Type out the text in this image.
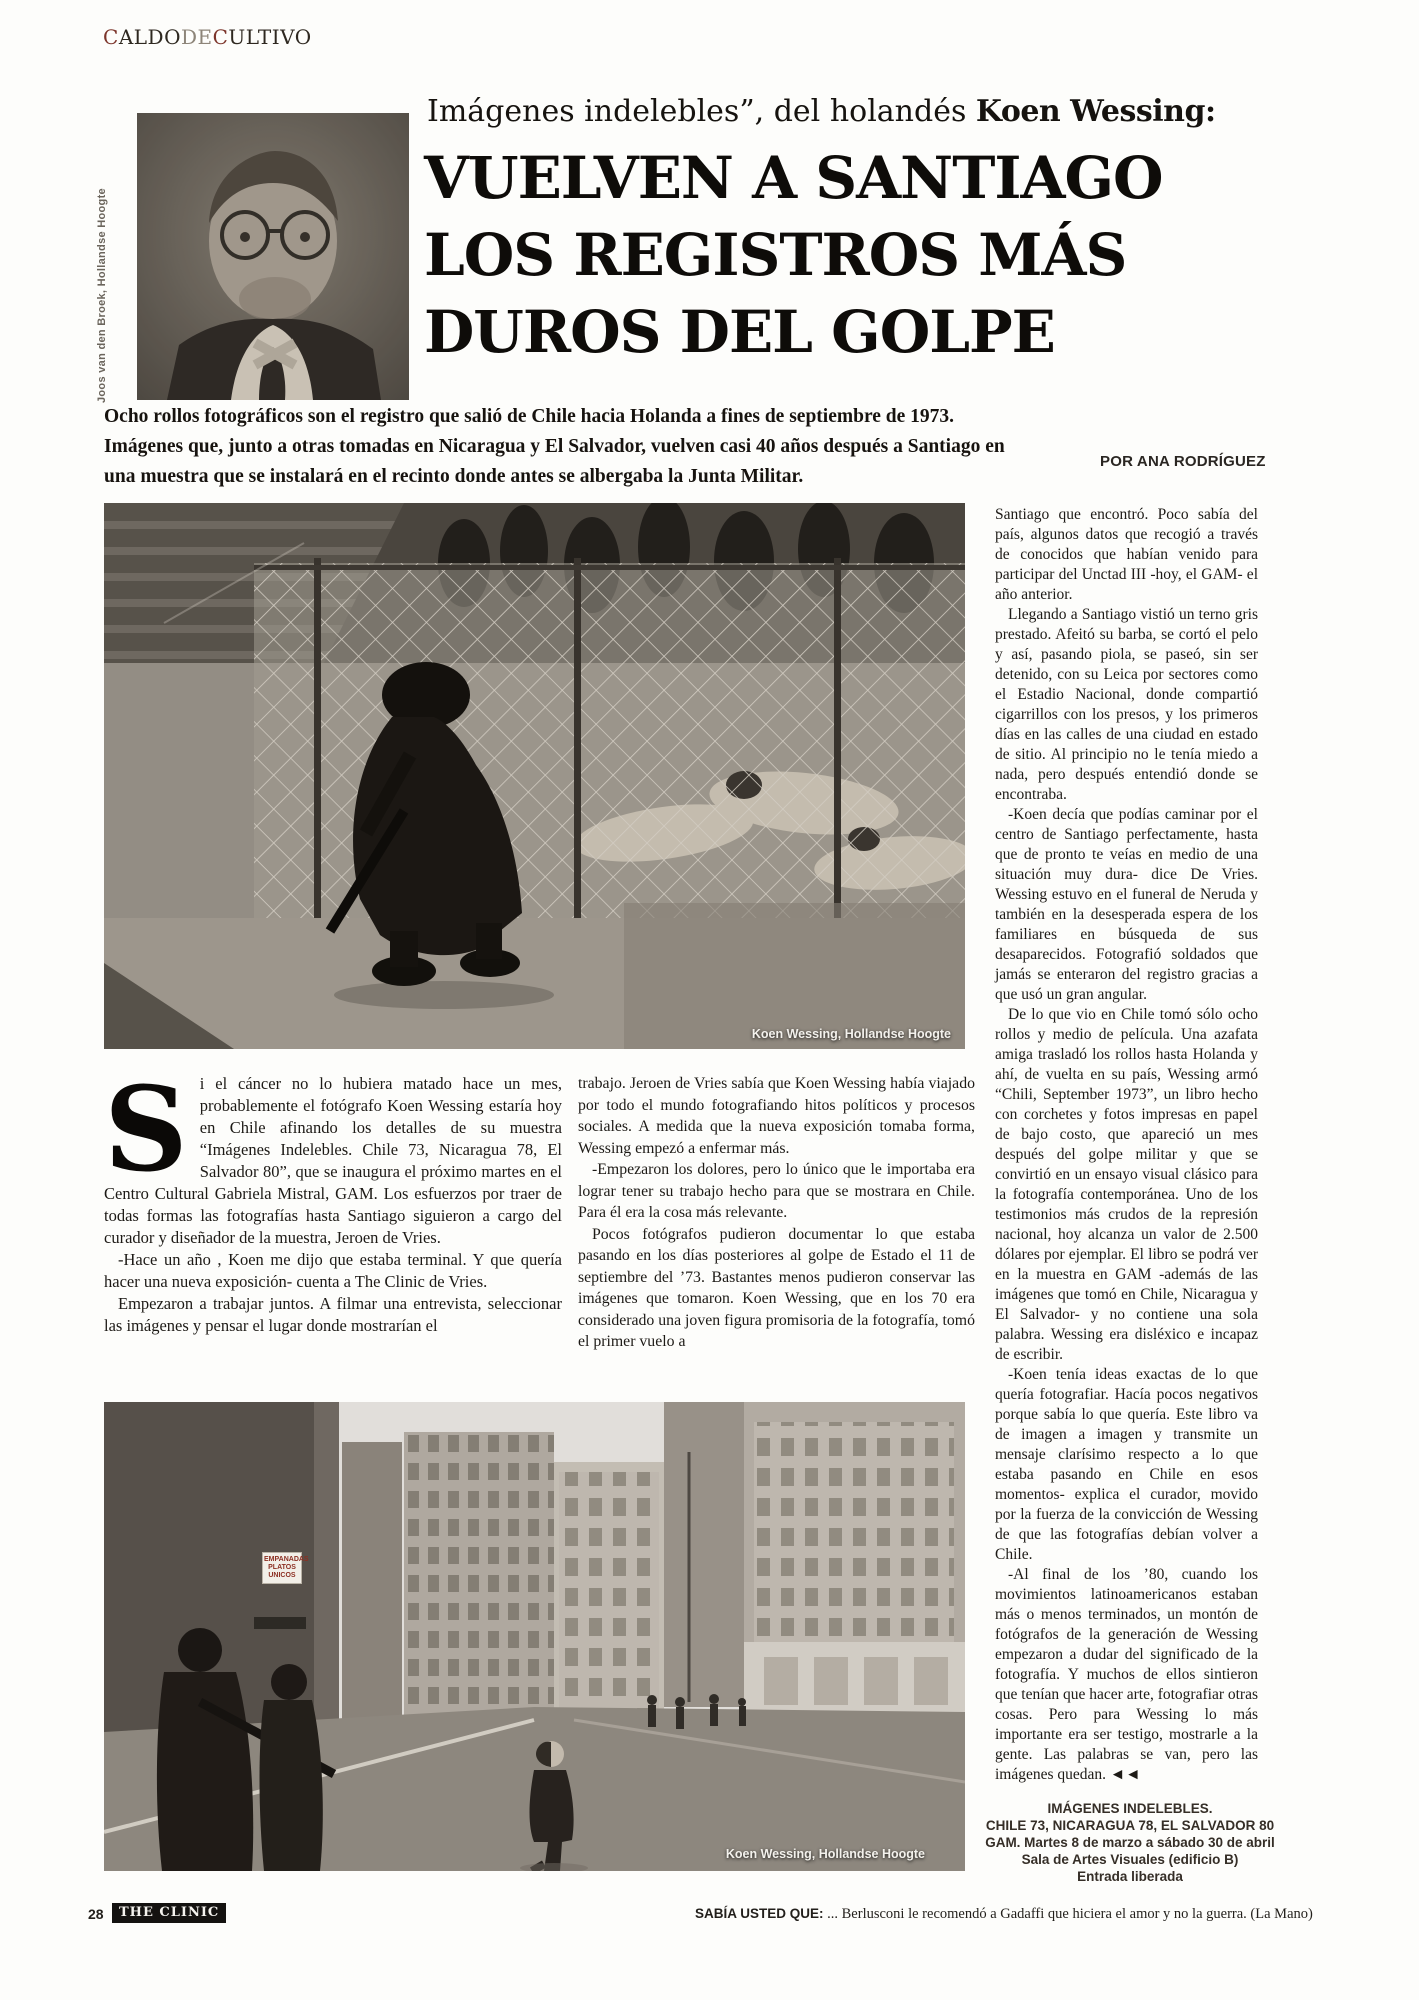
CALDODECULTIVO
Joos van den Broek, Hollandse Hoogte
Imágenes indelebles”, del holandés Koen Wessing:
VUELVEN A SANTIAGO
LOS REGISTROS MÁS
DUROS DEL GOLPE
Ocho rollos fotográficos son el registro que salió de Chile hacia Holanda a fines de septiembre de 1973. Imágenes que, junto a otras tomadas en Nicaragua y El Salvador, vuelven casi 40 años después a Santiago en una muestra que se instalará en el recinto donde antes se albergaba la Junta Militar.
POR ANA RODRÍGUEZ
Koen Wessing, Hollandse Hoogte

Si el cáncer no lo hubiera matado hace un mes, probablemente el fotógrafo Koen Wessing estaría hoy en Chile afinando los detalles de su muestra “Imágenes Indelebles. Chile 73, Nicaragua 78, El Salvador 80”, que se inaugura el próximo martes en el Centro Cultural Gabriela Mistral, GAM. Los esfuerzos por traer de todas formas las fotografías hasta Santiago siguieron a cargo del curador y diseñador de la muestra, Jeroen de Vries.

-Hace un año , Koen me dijo que estaba terminal. Y que quería hacer una nueva exposición- cuenta a The Clinic de Vries.

Empezaron a trabajar juntos. A filmar una entrevista, seleccionar las imágenes y pensar el lugar donde mostrarían el

trabajo. Jeroen de Vries sabía que Koen Wessing había viajado por todo el mundo fotografiando hitos políticos y procesos sociales. A medida que la nueva exposición tomaba forma, Wessing empezó a enfermar más.

-Empezaron los dolores, pero lo único que le importaba era lograr tener su trabajo hecho para que se mostrara en Chile. Para él era la cosa más relevante.

Pocos fotógrafos pudieron documentar lo que estaba pasando en los días posteriores al golpe de Estado el 11 de septiembre del ’73. Bastantes menos pudieron conservar las imágenes que tomaron. Koen Wessing, que en los 70 era considerado una joven figura promisoria de la fotografía, tomó el primer vuelo a

EMPANADAS
PLATOS
UNICOS
Koen Wessing, Hollandse Hoogte

Santiago que encontró. Poco sabía del país, algunos datos que recogió a través de conocidos que habían venido para participar del Unctad III -hoy, el GAM- el año anterior.

Llegando a Santiago vistió un terno gris prestado. Afeitó su barba, se cortó el pelo y así, pasando piola, se paseó, sin ser detenido, con su Leica por sectores como el Estadio Nacional, donde compartió cigarrillos con los presos, y los primeros días en las calles de una ciudad en estado de sitio. Al principio no le tenía miedo a nada, pero después entendió donde se encontraba.

-Koen decía que podías caminar por el centro de Santiago perfectamente, hasta que de pronto te veías en medio de una situación muy dura- dice De Vries. Wessing estuvo en el funeral de Neruda y también en la desesperada espera de los familiares en búsqueda de sus desaparecidos. Fotografió soldados que jamás se enteraron del registro gracias a que usó un gran angular.

De lo que vio en Chile tomó sólo ocho rollos y medio de película. Una azafata amiga trasladó los rollos hasta Holanda y ahí, de vuelta en su país, Wessing armó “Chili, September 1973”, un libro hecho con corchetes y fotos impresas en papel de bajo costo, que apareció un mes después del golpe militar y que se convirtió en un ensayo visual clásico para la fotografía contemporánea. Uno de los testimonios más crudos de la represión nacional, hoy alcanza un valor de 2.500 dólares por ejemplar. El libro se podrá ver en la muestra en GAM -además de las imágenes que tomó en Chile, Nicaragua y El Salvador- y no contiene una sola palabra. Wessing era disléxico e incapaz de escribir.

-Koen tenía ideas exactas de lo que quería fotografiar. Hacía pocos negativos porque sabía lo que quería. Este libro va de imagen a imagen y transmite un mensaje clarísimo respecto a lo que estaba pasando en Chile en esos momentos- explica el curador, movido por la fuerza de la convicción de Wessing de que las fotografías debían volver a Chile.

-Al final de los ’80, cuando los movimientos latinoamericanos estaban más o menos terminados, un montón de fotógrafos de la generación de Wessing empezaron a dudar del significado de la fotografía. Y muchos de ellos sintieron que tenían que hacer arte, fotografiar otras cosas. Pero para Wessing lo más importante era ser testigo, mostrarle a la gente. Las palabras se van, pero las imágenes quedan. ◄◄

IMÁGENES INDELEBLES.
CHILE 73, NICARAGUA 78, EL SALVADOR 80
GAM. Martes 8 de marzo a sábado 30 de abril
Sala de Artes Visuales (edificio B)
Entrada liberada
28	THE CLINIC	SABÍA USTED QUE: ... Berlusconi le recomendó a Gadaffi que hiciera el amor y no la guerra. (La Mano)
